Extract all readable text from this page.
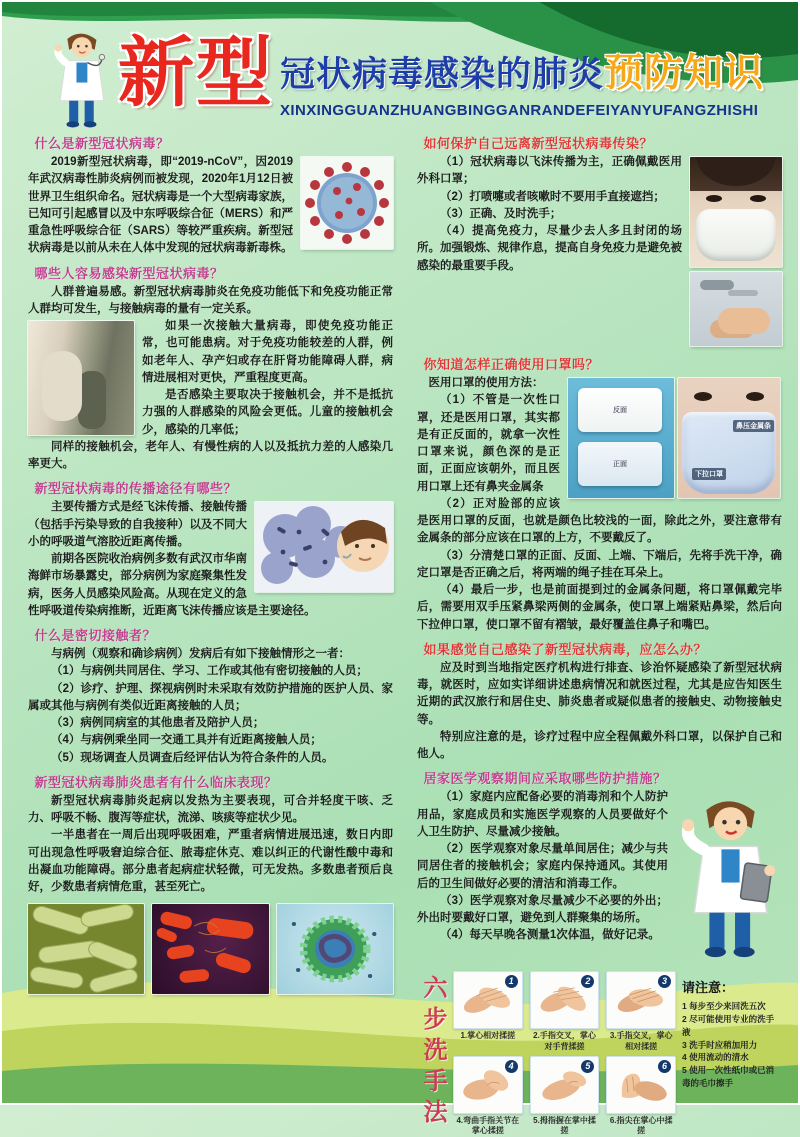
新型 冠状病毒感染的肺炎预防知识
XINXINGGUANZHUANGBINGGANRANDEFEIYANYUFANGZHISHI
什么是新型冠状病毒？

2019新型冠状病毒，即“2019-nCoV”，因2019年武汉病毒性肺炎病例而被发现，2020年1月12日被世界卫生组织命名。冠状病毒是一个大型病毒家族，已知可引起感冒以及中东呼吸综合征（MERS）和严重急性呼吸综合征（SARS）等较严重疾病。新型冠状病毒是以前从未在人体中发现的冠状病毒新毒株。

哪些人容易感染新型冠状病毒？

人群普遍易感。新型冠状病毒肺炎在免疫功能低下和免疫功能正常人群均可发生，与接触病毒的量有一定关系。

如果一次接触大量病毒，即使免疫功能正常，也可能患病。对于免疫功能较差的人群，例如老年人、孕产妇或存在肝肾功能障碍人群，病情进展相对更快，严重程度更高。

是否感染主要取决于接触机会，并不是抵抗力强的人群感染的风险会更低。儿童的接触机会少，感染的几率低；

同样的接触机会，老年人、有慢性病的人以及抵抗力差的人感染几率更大。

新型冠状病毒的传播途径有哪些？

主要传播方式是经飞沫传播、接触传播（包括手污染导致的自我接种）以及不同大小的呼吸道气溶胶近距离传播。

前期各医院收治病例多数有武汉市华南海鲜市场暴露史，部分病例为家庭聚集性发病，医务人员感染风险高。从现在定义的急性呼吸道传染病推断，近距离飞沫传播应该是主要途径。

什么是密切接触者？

与病例（观察和确诊病例）发病后有如下接触情形之一者：

（1）与病例共同居住、学习、工作或其他有密切接触的人员；

（2）诊疗、护理、探视病例时未采取有效防护措施的医护人员、家属或其他与病例有类似近距离接触的人员；

（3）病例同病室的其他患者及陪护人员；

（4）与病例乘坐同一交通工具并有近距离接触人员；

（5）现场调查人员调查后经评估认为符合条件的人员。

新型冠状病毒肺炎患者有什么临床表现？

新型冠状病毒肺炎起病以发热为主要表现，可合并轻度干咳、乏力、呼吸不畅、腹泻等症状，流涕、咳痰等症状少见。

一半患者在一周后出现呼吸困难，严重者病情进展迅速，数日内即可出现急性呼吸窘迫综合征、脓毒症休克、难以纠正的代谢性酸中毒和出凝血功能障碍。部分患者起病症状轻微，可无发热。多数患者预后良好，少数患者病情危重，甚至死亡。

如何保护自己远离新型冠状病毒传染？

（1）冠状病毒以飞沫传播为主，正确佩戴医用外科口罩；

（2）打喷嚏或者咳嗽时不要用手直接遮挡；

（3）正确、及时洗手；

（4）提高免疫力，尽量少去人多且封闭的场所。加强锻炼、规律作息，提高自身免疫力是避免被感染的最重要手段。

你知道怎样正确使用口罩吗？
反面
正面
鼻压金属条
下拉口罩

医用口罩的使用方法：

（1）不管是一次性口罩，还是医用口罩，其实都是有正反面的，就拿一次性口罩来说，颜色深的是正面，正面应该朝外，而且医用口罩上还有鼻夹金属条

（2）正对脸部的应该是医用口罩的反面，也就是颜色比较浅的一面，除此之外，要注意带有金属条的部分应该在口罩的上方，不要戴反了。

（3）分清楚口罩的正面、反面、上端、下端后，先将手洗干净，确定口罩是否正确之后，将两端的绳子挂在耳朵上。

（4）最后一步，也是前面提到过的金属条问题，将口罩佩戴完毕后，需要用双手压紧鼻梁两侧的金属条，使口罩上端紧贴鼻梁，然后向下拉伸口罩，使口罩不留有褶皱，最好覆盖住鼻子和嘴巴。

如果感觉自己感染了新型冠状病毒，应怎么办？

应及时到当地指定医疗机构进行排查、诊治怀疑感染了新型冠状病毒，就医时，应如实详细讲述患病情况和就医过程，尤其是应告知医生近期的武汉旅行和居住史、肺炎患者或疑似患者的接触史、动物接触史等。

特别应注意的是，诊疗过程中应全程佩戴外科口罩，以保护自己和他人。

居家医学观察期间应采取哪些防护措施？

（1）家庭内应配备必要的消毒剂和个人防护用品，家庭成员和实施医学观察的人员要做好个人卫生防护、尽量减少接触。

（2）医学观察对象尽量单间居住；减少与共同居住者的接触机会；家庭内保持通风。其使用后的卫生间做好必要的清洁和消毒工作。

（3）医学观察对象尽量减少不必要的外出；外出时要戴好口罩，避免到人群聚集的场所。

（4）每天早晚各测量1次体温，做好记录。

六步洗手法	1
1.掌心相对揉搓
2
2.手指交叉，掌心对手背揉搓
3
3.手指交叉，掌心相对揉搓
4
4.弯曲手指关节在掌心揉搓
5
5.拇指握在掌中揉搓
6
6.指尖在掌心中揉搓
请注意：
1 每步至少来回洗五次
2 尽可能使用专业的洗手液
3 洗手时应稍加用力
4 使用流动的清水
5 使用一次性纸巾或已消毒的毛巾擦手
